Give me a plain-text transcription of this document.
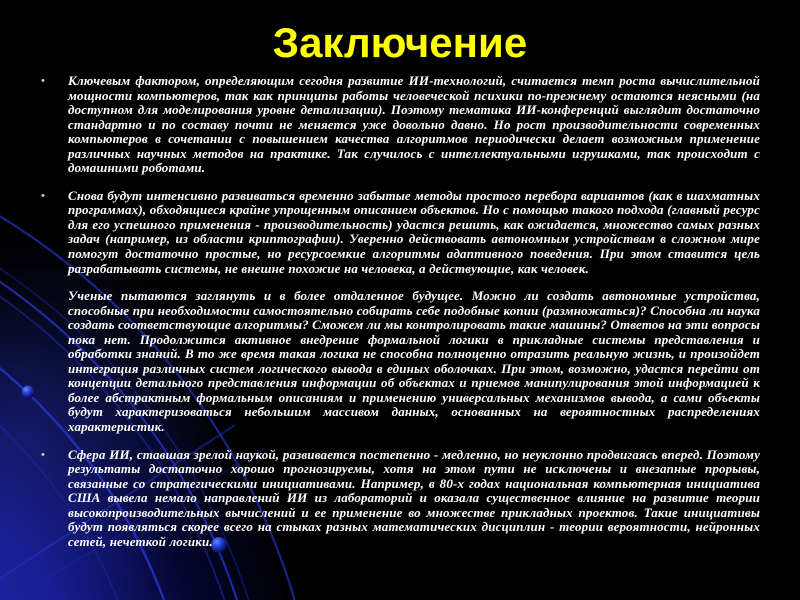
Заключение
• Ключевым фактором, определяющим сегодня развитие ИИ-технологий, считается темп роста вычислительной мощности компьютеров, так как принципы работы человеческой психики по-прежнему остаются неясными (на доступном для моделирования уровне детализации). Поэтому тематика ИИ-конференций выглядит достаточно стандартно и по составу почти не меняется уже довольно давно. Но рост производительности современных компьютеров в сочетании с повышением качества алгоритмов периодически делает возможным применение различных научных методов на практике. Так случилось с интеллектуальными игрушками, так происходит с домашними роботами.
• Снова будут интенсивно развиваться временно забытые методы простого перебора вариантов (как в шахматных программах), обходящиеся крайне упрощенным описанием объектов. Но с помощью такого подхода (главный ресурс для его успешного применения - производительность) удастся решить, как ожидается, множество самых разных задач (например, из области криптографии). Уверенно действовать автономным устройствам в сложном мире помогут достаточно простые, но ресурсоемкие алгоритмы адаптивного поведения. При этом ставится цель разрабатывать системы, не внешне похожие на человека, а действующие, как человек.
Ученые пытаются заглянуть и в более отдаленное будущее. Можно ли создать автономные устройства, способные при необходимости самостоятельно собирать себе подобные копии (размножаться)? Способна ли наука создать соответствующие алгоритмы? Сможем ли мы контролировать такие машины? Ответов на эти вопросы пока нет. Продолжится активное внедрение формальной логики в прикладные системы представления и обработки знаний. В то же время такая логика не способна полноценно отразить реальную жизнь, и произойдет интеграция различных систем логического вывода в единых оболочках. При этом, возможно, удастся перейти от концепции детального представления информации об объектах и приемов манипулирования этой информацией к более абстрактным формальным описаниям и применению универсальных механизмов вывода, а сами объекты будут характеризоваться небольшим массивом данных, основанных на вероятностных распределениях характеристик.
• Сфера ИИ, ставшая зрелой наукой, развивается постепенно - медленно, но неуклонно продвигаясь вперед. Поэтому результаты достаточно хорошо прогнозируемы, хотя на этом пути не исключены и внезапные прорывы, связанные со стратегическими инициативами. Например, в 80-х годах национальная компьютерная инициатива США вывела немало направлений ИИ из лабораторий и оказала существенное влияние на развитие теории высокопроизводительных вычислений и ее применение во множестве прикладных проектов. Такие инициативы будут появляться скорее всего на стыках разных математических дисциплин - теории вероятности, нейронных сетей, нечеткой логики.
